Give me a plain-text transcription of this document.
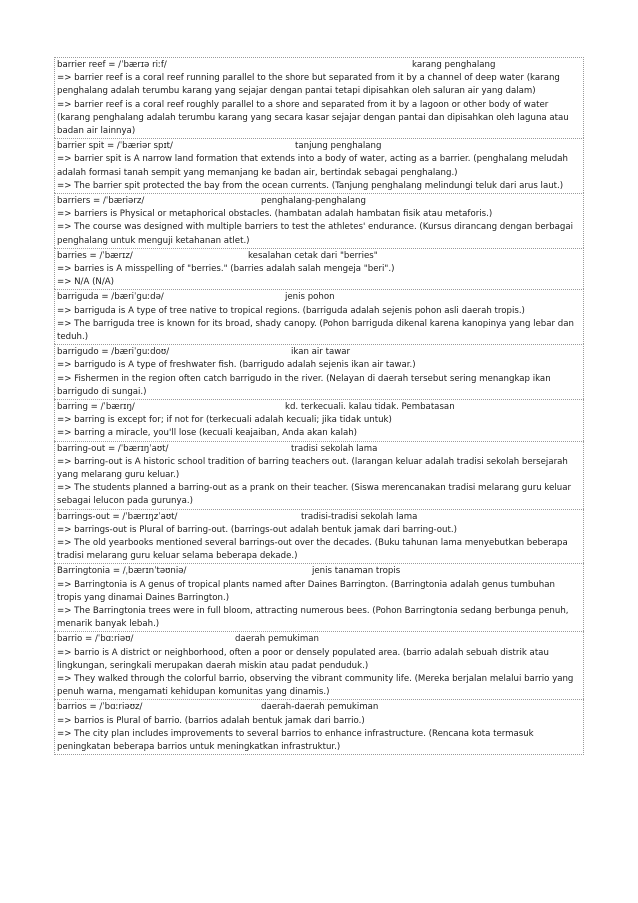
barrier reef = /ˈbærɪə riːf/	karang penghalang
=> barrier reef is a coral reef running parallel to the shore but separated from it by a channel of deep water (karang penghalang adalah terumbu karang yang sejajar dengan pantai tetapi dipisahkan oleh saluran air yang dalam)
=> barrier reef is a coral reef roughly parallel to a shore and separated from it by a lagoon or other body of water (karang penghalang adalah terumbu karang yang secara kasar sejajar dengan pantai dan dipisahkan oleh laguna atau badan air lainnya)
barrier spit = /ˈbæriər spɪt/	tanjung penghalang
=> barrier spit is A narrow land formation that extends into a body of water, acting as a barrier. (penghalang meludah adalah formasi tanah sempit yang memanjang ke badan air, bertindak sebagai penghalang.)
=> The barrier spit protected the bay from the ocean currents. (Tanjung penghalang melindungi teluk dari arus laut.)
barriers = /ˈbæriərz/	penghalang-penghalang
=> barriers is Physical or metaphorical obstacles. (hambatan adalah hambatan fisik atau metaforis.)
=> The course was designed with multiple barriers to test the athletes' endurance. (Kursus dirancang dengan berbagai penghalang untuk menguji ketahanan atlet.)
barries = /ˈbærɪz/	kesalahan cetak dari "berries"
=> barries is A misspelling of "berries." (barries adalah salah mengeja "beri".)
=> N/A (N/A)
barriguda = /bæriˈɡuːdə/	jenis pohon
=> barriguda is A type of tree native to tropical regions. (barriguda adalah sejenis pohon asli daerah tropis.)
=> The barriguda tree is known for its broad, shady canopy. (Pohon barriguda dikenal karena kanopinya yang lebar dan teduh.)
barrigudo = /bæriˈɡuːdoʊ/	ikan air tawar
=> barrigudo is A type of freshwater fish. (barrigudo adalah sejenis ikan air tawar.)
=> Fishermen in the region often catch barrigudo in the river. (Nelayan di daerah tersebut sering menangkap ikan barrigudo di sungai.)
barring = /ˈbærɪŋ/	kd. terkecuali. kalau tidak. Pembatasan
=> barring is except for; if not for (terkecuali adalah kecuali; jika tidak untuk)
=> barring a miracle, you'll lose (kecuali keajaiban, Anda akan kalah)
barring-out = /ˈbærɪŋˈaʊt/	tradisi sekolah lama
=> barring-out is A historic school tradition of barring teachers out. (larangan keluar adalah tradisi sekolah bersejarah yang melarang guru keluar.)
=> The students planned a barring-out as a prank on their teacher. (Siswa merencanakan tradisi melarang guru keluar sebagai lelucon pada gurunya.)
barrings-out = /ˈbærɪŋzˈaʊt/	tradisi-tradisi sekolah lama
=> barrings-out is Plural of barring-out. (barrings-out adalah bentuk jamak dari barring-out.)
=> The old yearbooks mentioned several barrings-out over the decades. (Buku tahunan lama menyebutkan beberapa tradisi melarang guru keluar selama beberapa dekade.)
Barringtonia = /ˌbærɪnˈtəʊniə/	jenis tanaman tropis
=> Barringtonia is A genus of tropical plants named after Daines Barrington. (Barringtonia adalah genus tumbuhan tropis yang dinamai Daines Barrington.)
=> The Barringtonia trees were in full bloom, attracting numerous bees. (Pohon Barringtonia sedang berbunga penuh, menarik banyak lebah.)
barrio = /ˈbɑːriəʊ/	daerah pemukiman
=> barrio is A district or neighborhood, often a poor or densely populated area. (barrio adalah sebuah distrik atau lingkungan, seringkali merupakan daerah miskin atau padat penduduk.)
=> They walked through the colorful barrio, observing the vibrant community life. (Mereka berjalan melalui barrio yang penuh warna, mengamati kehidupan komunitas yang dinamis.)
barrios = /ˈbɑːriəʊz/	daerah-daerah pemukiman
=> barrios is Plural of barrio. (barrios adalah bentuk jamak dari barrio.)
=> The city plan includes improvements to several barrios to enhance infrastructure. (Rencana kota termasuk peningkatan beberapa barrios untuk meningkatkan infrastruktur.)
